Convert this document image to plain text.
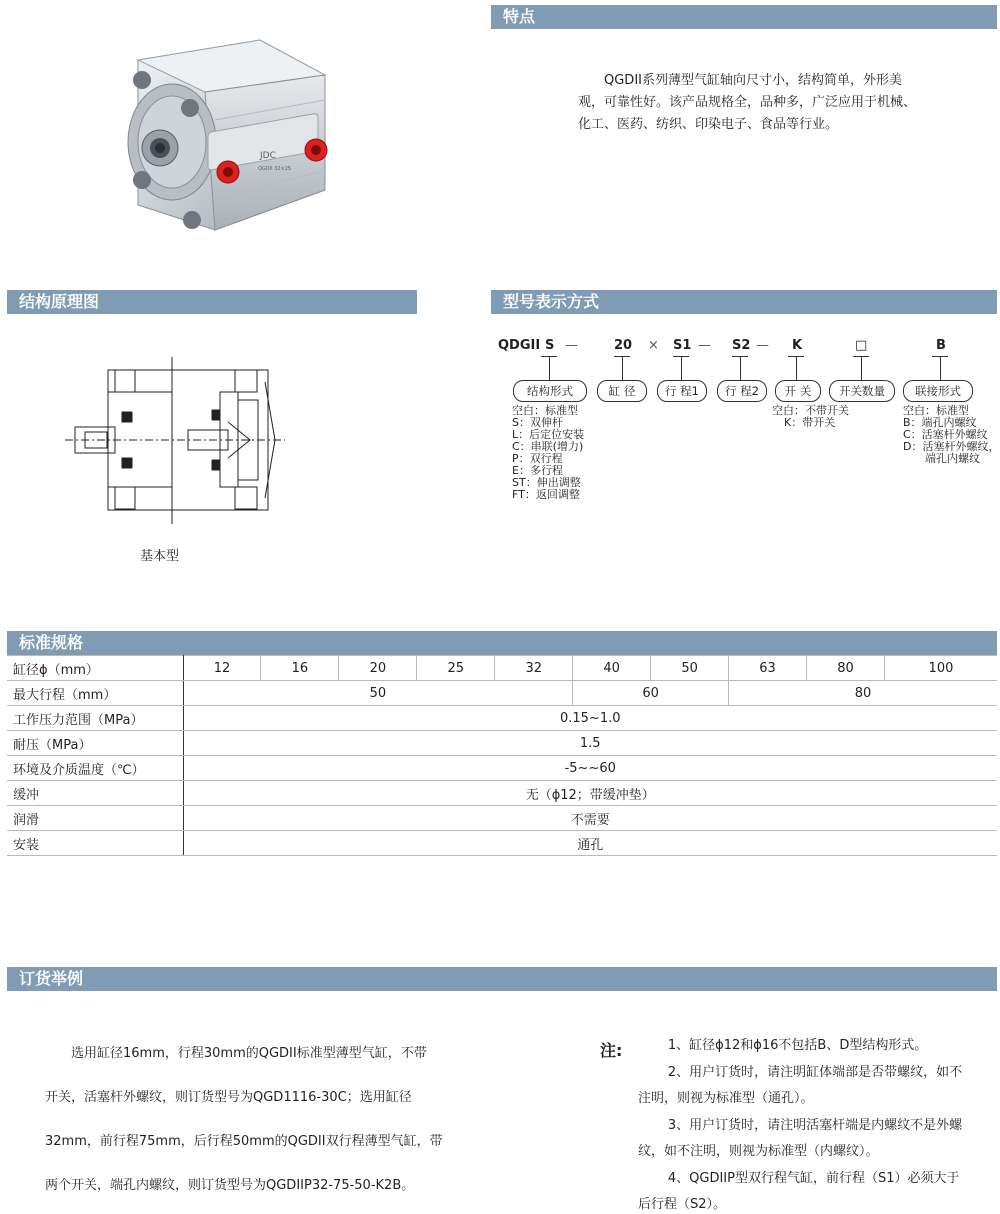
JDC
QGDII 32×25
特点

QGDII系列薄型气缸轴向尺寸小，结构简单，外形美观，可靠性好。该产品规格全，品种多，广泛应用于机械、化工、医药、纺织、印染电子、食品等行业。

结构原理图
基本型
型号表示方式
QDGII S —	20 × S1 — S2 — K	□	B
结构形式	缸 径	行 程1	行 程2	开 关	开关数量	联接形式
空白：标准型
S：双伸杆
L：后定位安装
C：串联(增力)
P：双行程
E：多行程
ST：伸出调整
FT：返回调整
空白：不带开关
K：带开关
空白：标准型
B：端孔内螺纹
C：活塞杆外螺纹
D：活塞杆外螺纹，
端孔内螺纹
标准规格
缸径ϕ（mm）	12	16	20	25	32	40	50	63	80	100
最大行程（mm）	50					60		80		
工作压力范围（MPa）	0.15~1.0									
耐压（MPa）	1.5									
环境及介质温度（℃）	-5~~60									
缓冲	无（ϕ12；带缓冲垫）									
润滑	不需要									
安装	通孔									
订货举例
　　选用缸径16mm，行程30mm的QGDII标准型薄型气缸，不带
开关，活塞杆外螺纹，则订货型号为QGD1116-30C；选用缸径
32mm，前行程75mm，后行程50mm的QGDII双行程薄型气缸，带
两个开关，端孔内螺纹，则订货型号为QGDIIP32-75-50-K2B。
注:	1、缸径ϕ12和ϕ16不包括B、D型结构形式。

2、用户订货时，请注明缸体端部是否带螺纹，如不注明，则视为标准型（通孔）。

3、用户订货时，请注明活塞杆端是内螺纹不是外螺纹，如不注明，则视为标准型（内螺纹）。

4、QGDIIP型双行程气缸，前行程（S1）必须大于后行程（S2）。
